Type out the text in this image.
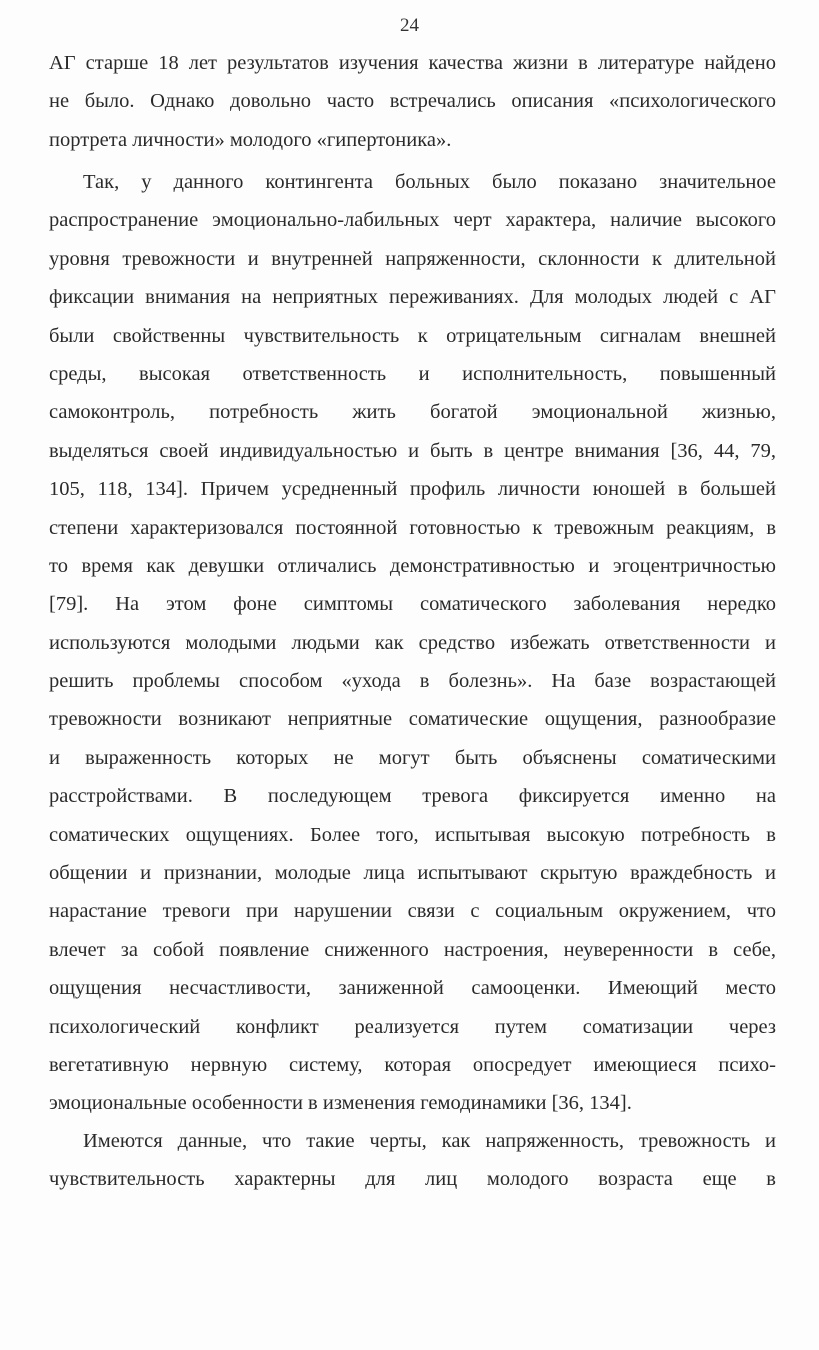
24
АГ старше 18 лет результатов изучения качества жизни в литературе найдено
не было. Однако довольно часто встречались описания «психологического
портрета личности» молодого «гипертоника».
Так, у данного контингента больных было показано значительное
распространение эмоционально-лабильных черт характера, наличие высокого
уровня тревожности и внутренней напряженности, склонности к длительной
фиксации внимания на неприятных переживаниях. Для молодых людей с АГ
были свойственны чувствительность к отрицательным сигналам внешней
среды, высокая ответственность и исполнительность, повышенный
самоконтроль, потребность жить богатой эмоциональной жизнью,
выделяться своей индивидуальностью и быть в центре внимания [36, 44, 79,
105, 118, 134]. Причем усредненный профиль личности юношей в большей
степени характеризовался постоянной готовностью к тревожным реакциям, в
то время как девушки отличались демонстративностью и эгоцентричностью
[79]. На этом фоне симптомы соматического заболевания нередко
используются молодыми людьми как средство избежать ответственности и
решить проблемы способом «ухода в болезнь». На базе возрастающей
тревожности возникают неприятные соматические ощущения, разнообразие
и выраженность которых не могут быть объяснены соматическими
расстройствами. В последующем тревога фиксируется именно на
соматических ощущениях. Более того, испытывая высокую потребность в
общении и признании, молодые лица испытывают скрытую враждебность и
нарастание тревоги при нарушении связи с социальным окружением, что
влечет за собой появление сниженного настроения, неуверенности в себе,
ощущения несчастливости, заниженной самооценки. Имеющий место
психологический конфликт реализуется путем соматизации через
вегетативную нервную систему, которая опосредует имеющиеся психо-
эмоциональные особенности в изменения гемодинамики [36, 134].
Имеются данные, что такие черты, как напряженность, тревожность и
чувствительность характерны для лиц молодого возраста еще в
